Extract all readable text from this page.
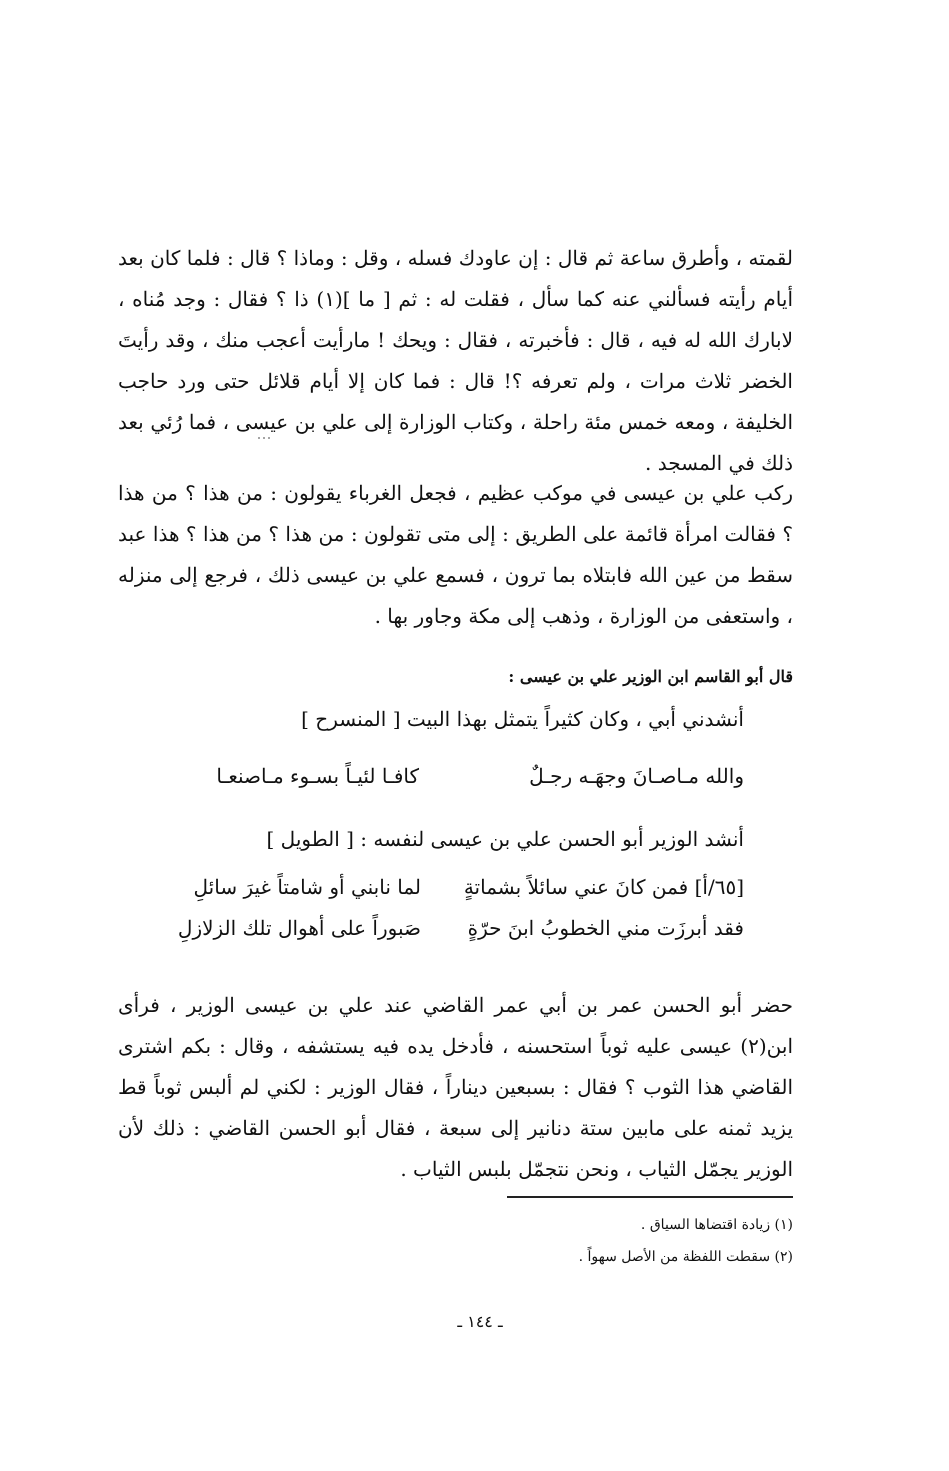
لقمته ، وأطرق ساعة ثم قال : إن عاودك فسله ، وقل : وماذا ؟ قال : فلما كان بعد أيام رأيته فسألني عنه كما سأل ، فقلت له : ثم [ ما ](١) ذا ؟ فقال : وجد مُناه ، لابارك الله له فيه ، قال : فأخبرته ، فقال : ويحك ! مارأيت أعجب منك ، وقد رأيتَ الخضر ثلاث مرات ، ولم تعرفه ؟! قال : فما كان إلا أيام قلائل حتى ورد حاجب الخليفة ، ومعه خمس مئة راحلة ، وكتاب الوزارة إلى علي بن عيسى ، فما رُئي بعد ذلك في المسجد .

ركب علي بن عيسى في موكب عظيم ، فجعل الغرباء يقولون : من هذا ؟ من هذا ؟ فقالت امرأة قائمة على الطريق : إلى متى تقولون : من هذا ؟ من هذا ؟ هذا عبد سقط من عين الله فابتلاه بما ترون ، فسمع علي بن عيسى ذلك ، فرجع إلى منزله ، واستعفى من الوزارة ، وذهب إلى مكة وجاور بها .

قال أبو القاسم ابن الوزير علي بن عيسى :
أنشدني أبي ، وكان كثيراً يتمثل بهذا البيت [ المنسرح ]
والله مـاصـانَ وجهَـه رجـلٌ
كافـا لئيـاً بسـوء مـاصنعـا
أنشد الوزير أبو الحسن علي بن عيسى لنفسه : [ الطويل ]
[٦٥/أ] فمن كانَ عني سائلاً بشماتةٍ
لما نابني أو شامتاً غيرَ سائلِ
فقد أبرزَت مني الخطوبُ ابنَ حرّةٍ
صَبوراً على أهوال تلك الزلازلِ

حضر أبو الحسن عمر بن أبي عمر القاضي عند علي بن عيسى الوزير ، فرأى ابن(٢) عيسى عليه ثوباً استحسنه ، فأدخل يده فيه يستشفه ، وقال : بكم اشترى القاضي هذا الثوب ؟ فقال : بسبعين ديناراً ، فقال الوزير : لكني لم ألبس ثوباً قط يزيد ثمنه على مابين ستة دنانير إلى سبعة ، فقال أبو الحسن القاضي : ذلك لأن الوزير يجمّل الثياب ، ونحن نتجمّل بلبس الثياب .

(١) زيادة اقتضاها السياق .
(٢) سقطت اللفظة من الأصل سهواً .
ـ ١٤٤ ـ
